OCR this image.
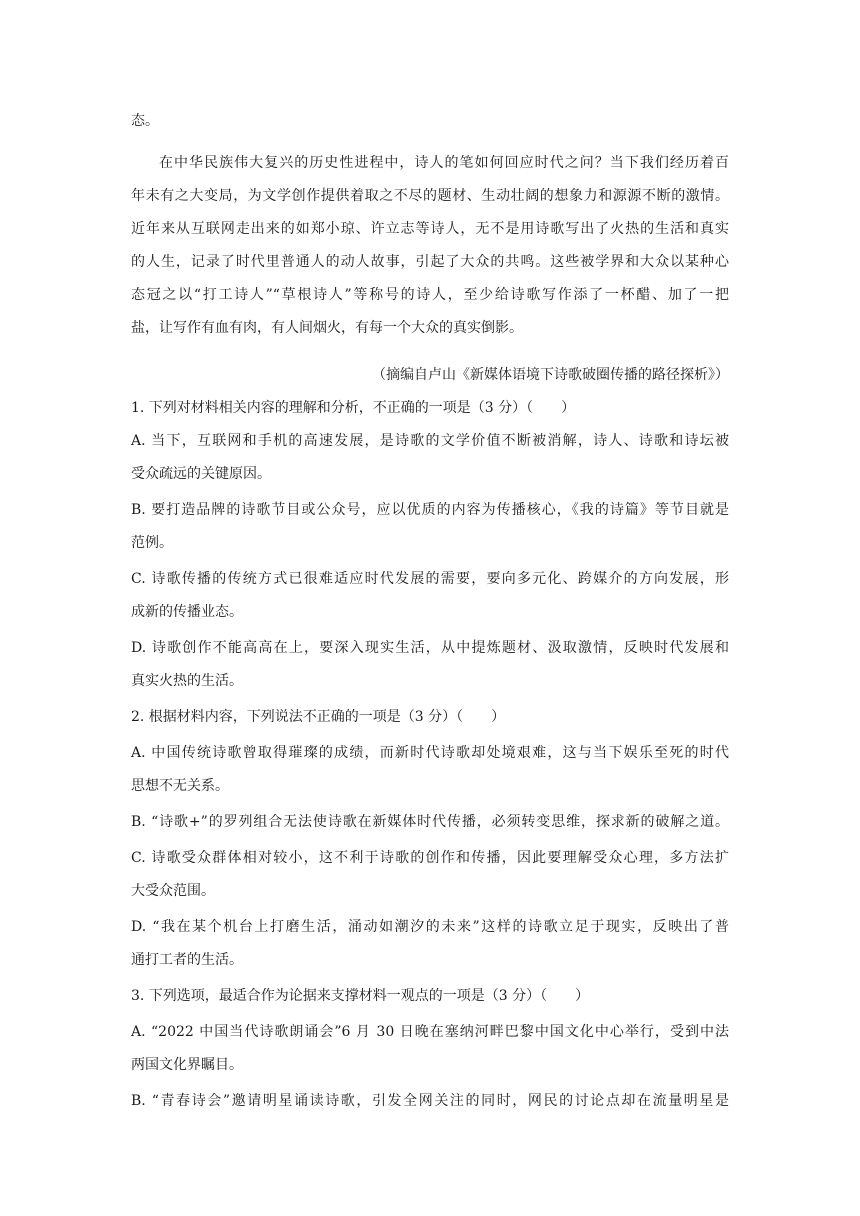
态。
在中华民族伟大复兴的历史性进程中，诗人的笔如何回应时代之问？当下我们经历着百
年未有之大变局，为文学创作提供着取之不尽的题材、生动壮阔的想象力和源源不断的激情。
近年来从互联网走出来的如郑小琼、许立志等诗人，无不是用诗歌写出了火热的生活和真实
的人生，记录了时代里普通人的动人故事，引起了大众的共鸣。这些被学界和大众以某种心
态冠之以“打工诗人”“草根诗人”等称号的诗人，至少给诗歌写作添了一杯醋、加了一把
盐，让写作有血有肉，有人间烟火，有每一个大众的真实倒影。
（摘编自卢山《新媒体语境下诗歌破圈传播的路径探析》）
1. 下列对材料相关内容的理解和分析，不正确的一项是（3 分）（　　）
A. 当下，互联网和手机的高速发展，是诗歌的文学价值不断被消解，诗人、诗歌和诗坛被
受众疏远的关键原因。
B. 要打造品牌的诗歌节目或公众号，应以优质的内容为传播核心，《我的诗篇》等节目就是
范例。
C. 诗歌传播的传统方式已很难适应时代发展的需要，要向多元化、跨媒介的方向发展，形
成新的传播业态。
D. 诗歌创作不能高高在上，要深入现实生活，从中提炼题材、汲取激情，反映时代发展和
真实火热的生活。
2. 根据材料内容，下列说法不正确的一项是（3 分）（　　）
A. 中国传统诗歌曾取得璀璨的成绩，而新时代诗歌却处境艰难，这与当下娱乐至死的时代
思想不无关系。
B. “诗歌+”的罗列组合无法使诗歌在新媒体时代传播，必须转变思维，探求新的破解之道。
C. 诗歌受众群体相对较小，这不利于诗歌的创作和传播，因此要理解受众心理，多方法扩
大受众范围。
D. “我在某个机台上打磨生活，涌动如潮汐的未来”这样的诗歌立足于现实，反映出了普
通打工者的生活。
3. 下列选项，最适合作为论据来支撑材料一观点的一项是（3 分）（　　）
A. “2022 中国当代诗歌朗诵会”6 月 30 日晚在塞纳河畔巴黎中国文化中心举行，受到中法
两国文化界瞩目。
B. “青春诗会”邀请明星诵读诗歌，引发全网关注的同时，网民的讨论点却在流量明星是
